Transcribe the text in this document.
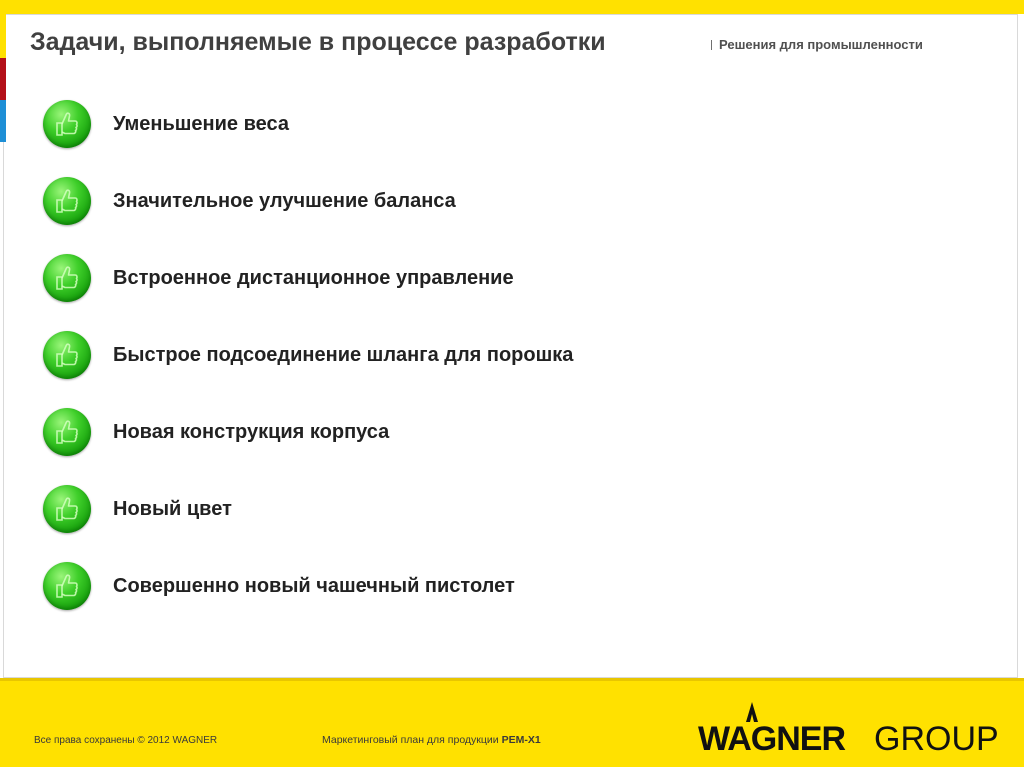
Задачи, выполняемые в процессе разработки	Решения для промышленности
Уменьшение веса
Значительное улучшение баланса
Встроенное дистанционное управление
Быстрое подсоединение шланга для порошка
Новая конструкция корпуса
Новый цвет
Совершенно новый чашечный пистолет
Все права сохранены © 2012 WAGNER	Маркетинговый план для продукции PEM-X1	WAGNER GROUP
